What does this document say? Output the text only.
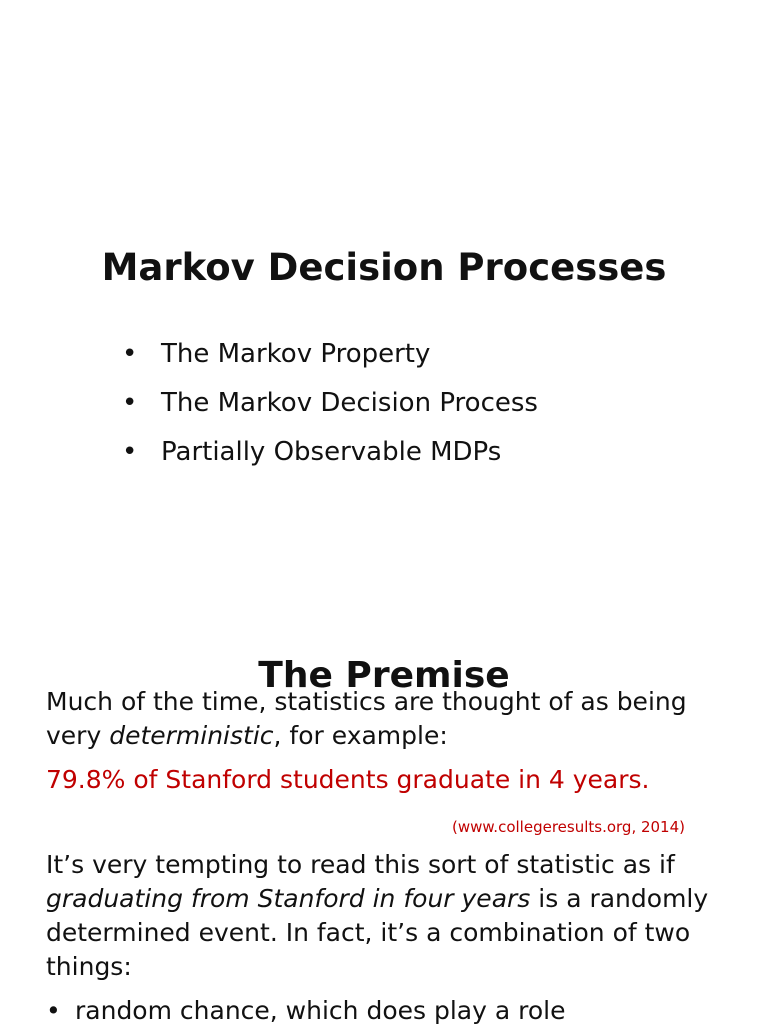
Markov Decision Processes
• The Markov Property
• The Markov Decision Process
• Partially Observable MDPs
The Premise

Much of the time, statistics are thought of as being very deterministic, for example:

79.8% of Stanford students graduate in 4 years.
(www.collegeresults.org, 2014)

It’s very tempting to read this sort of statistic as if graduating from Stanford in four years is a randomly determined event. In fact, it’s a combination of two things:

• random chance, which does play a role
